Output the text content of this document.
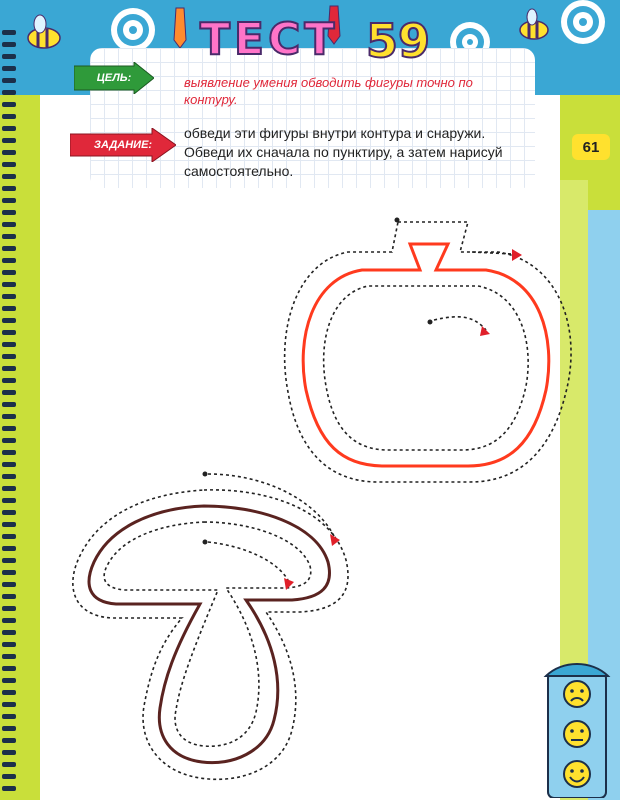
ТЕСТ 59
ЦЕЛЬ:
ЗАДАНИЕ:
выявление умения обводить фигуры точно по контуру.
обведи эти фигуры внутри контура и снаружи. Обведи их сначала по пунктиру, а затем нарисуй самостоятельно.
61
